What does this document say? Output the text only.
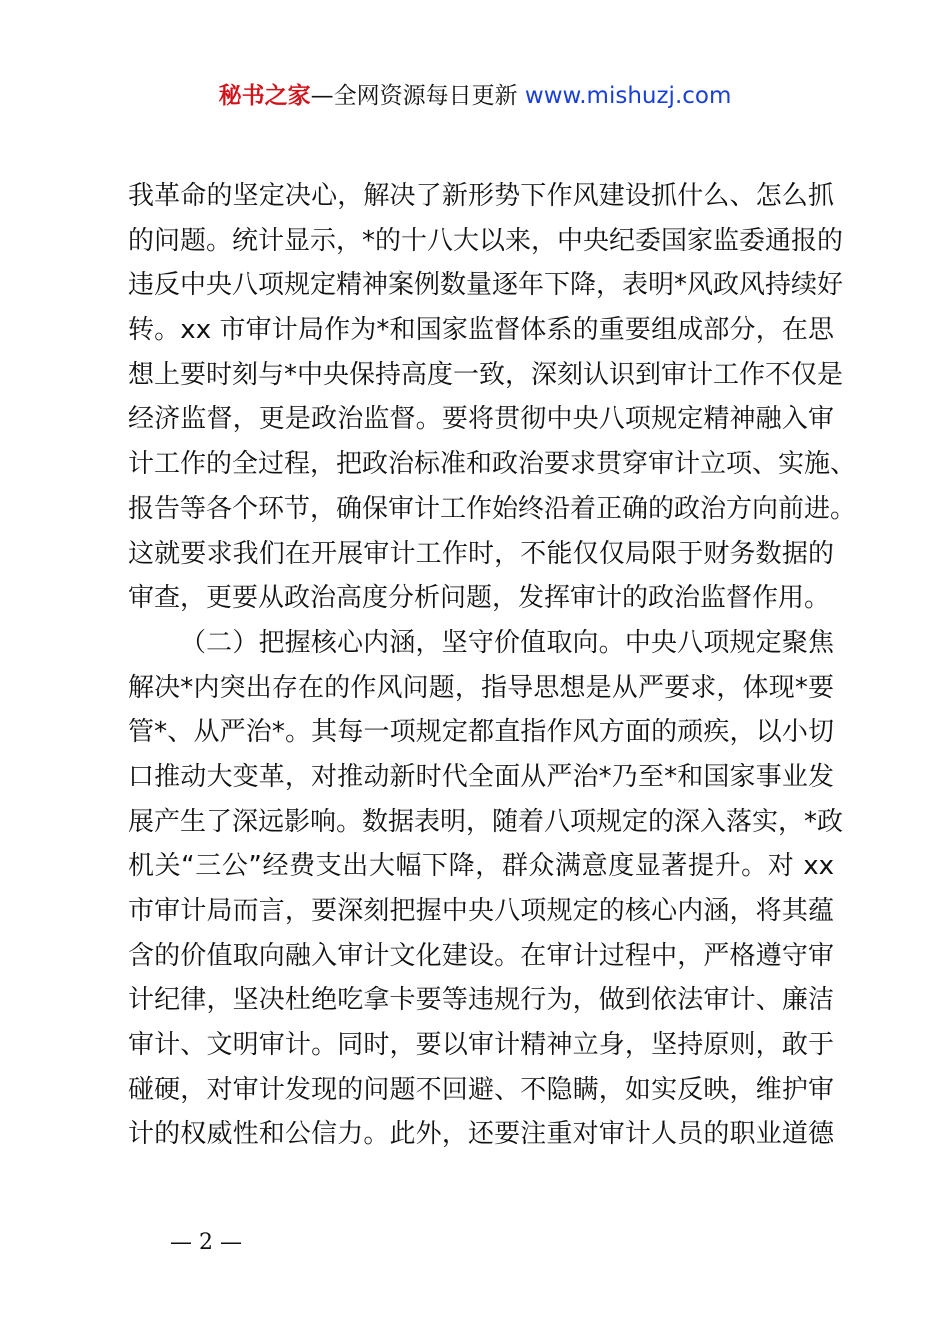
秘书之家—全网资源每日更新 www.mishuzj.com
我革命的坚定决心，解决了新形势下作风建设抓什么、怎么抓
的问题。统计显示，*的十八大以来，中央纪委国家监委通报的
违反中央八项规定精神案例数量逐年下降，表明*风政风持续好
转。xx 市审计局作为*和国家监督体系的重要组成部分，在思
想上要时刻与*中央保持高度一致，深刻认识到审计工作不仅是
经济监督，更是政治监督。要将贯彻中央八项规定精神融入审
计工作的全过程，把政治标准和政治要求贯穿审计立项、实施、
报告等各个环节，确保审计工作始终沿着正确的政治方向前进。
这就要求我们在开展审计工作时，不能仅仅局限于财务数据的
审查，更要从政治高度分析问题，发挥审计的政治监督作用。
（二）把握核心内涵，坚守价值取向。中央八项规定聚焦
解决*内突出存在的作风问题，指导思想是从严要求，体现*要
管*、从严治*。其每一项规定都直指作风方面的顽疾，以小切
口推动大变革，对推动新时代全面从严治*乃至*和国家事业发
展产生了深远影响。数据表明，随着八项规定的深入落实，*政
机关“三公”经费支出大幅下降，群众满意度显著提升。对 xx
市审计局而言，要深刻把握中央八项规定的核心内涵，将其蕴
含的价值取向融入审计文化建设。在审计过程中，严格遵守审
计纪律，坚决杜绝吃拿卡要等违规行为，做到依法审计、廉洁
审计、文明审计。同时，要以审计精神立身，坚持原则，敢于
碰硬，对审计发现的问题不回避、不隐瞒，如实反映，维护审
计的权威性和公信力。此外，还要注重对审计人员的职业道德
— 2 —
